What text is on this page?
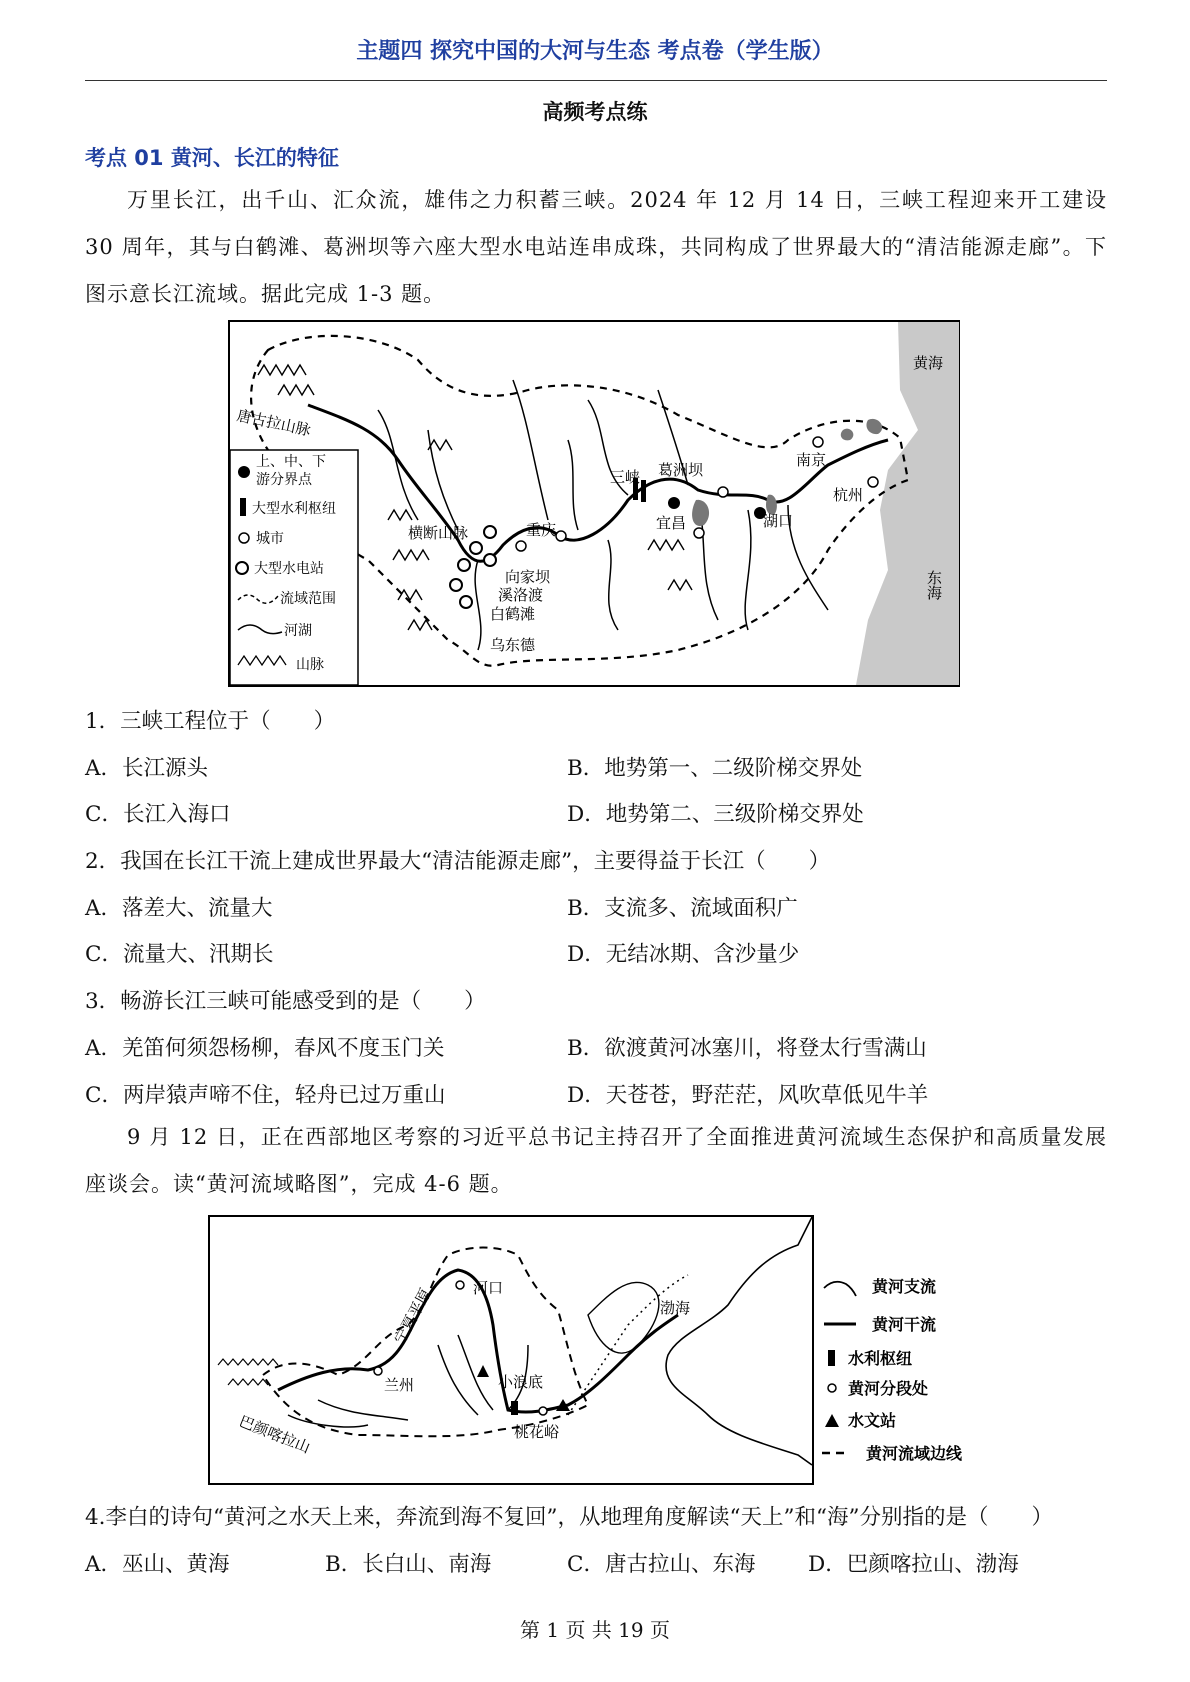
主题四 探究中国的大河与生态 考点卷（学生版）
高频考点练
考点 01 黄河、长江的特征
万里长江，出千山、汇众流，雄伟之力积蓄三峡。2024 年 12 月 14 日，三峡工程迎来开工建设 30 周年，其与白鹤滩、葛洲坝等六座大型水电站连串成珠，共同构成了世界最大的“清洁能源走廊”。下图示意长江流域。据此完成 1-3 题。
黄海
唐古拉山脉
横断山脉	重庆
三峡 葛洲坝
宜昌	湖口
南京
杭州
东海
向家坝
溪洛渡
白鹤滩
乌东德
上、中、下
游分界点
大型水利枢纽
城市
大型水电站
流域范围
河湖
山脉
1．三峡工程位于（　　）
A．长江源头	B．地势第一、二级阶梯交界处
C．长江入海口	D．地势第二、三级阶梯交界处
2．我国在长江干流上建成世界最大“清洁能源走廊”，主要得益于长江（　　）
A．落差大、流量大	B．支流多、流域面积广
C．流量大、汛期长	D．无结冰期、含沙量少
3．畅游长江三峡可能感受到的是（　　）
A．羌笛何须怨杨柳，春风不度玉门关	B．欲渡黄河冰塞川，将登太行雪满山
C．两岸猿声啼不住，轻舟已过万重山	D．天苍苍，野茫茫，风吹草低见牛羊
9 月 12 日，正在西部地区考察的习近平总书记主持召开了全面推进黄河流域生态保护和高质量发展座谈会。读“黄河流域略图”，完成 4-6 题。
宁夏平原	河口
兰州
巴颜喀拉山
小浪底
桃花峪
渤海
黄河支流
黄河干流
水利枢纽
黄河分段处
水文站
黄河流域边线
4.李白的诗句“黄河之水天上来，奔流到海不复回”，从地理角度解读“天上”和“海”分别指的是（　　）
A．巫山、黄海	B．长白山、南海	C．唐古拉山、东海 D．巴颜喀拉山、渤海
第 1 页 共 19 页
